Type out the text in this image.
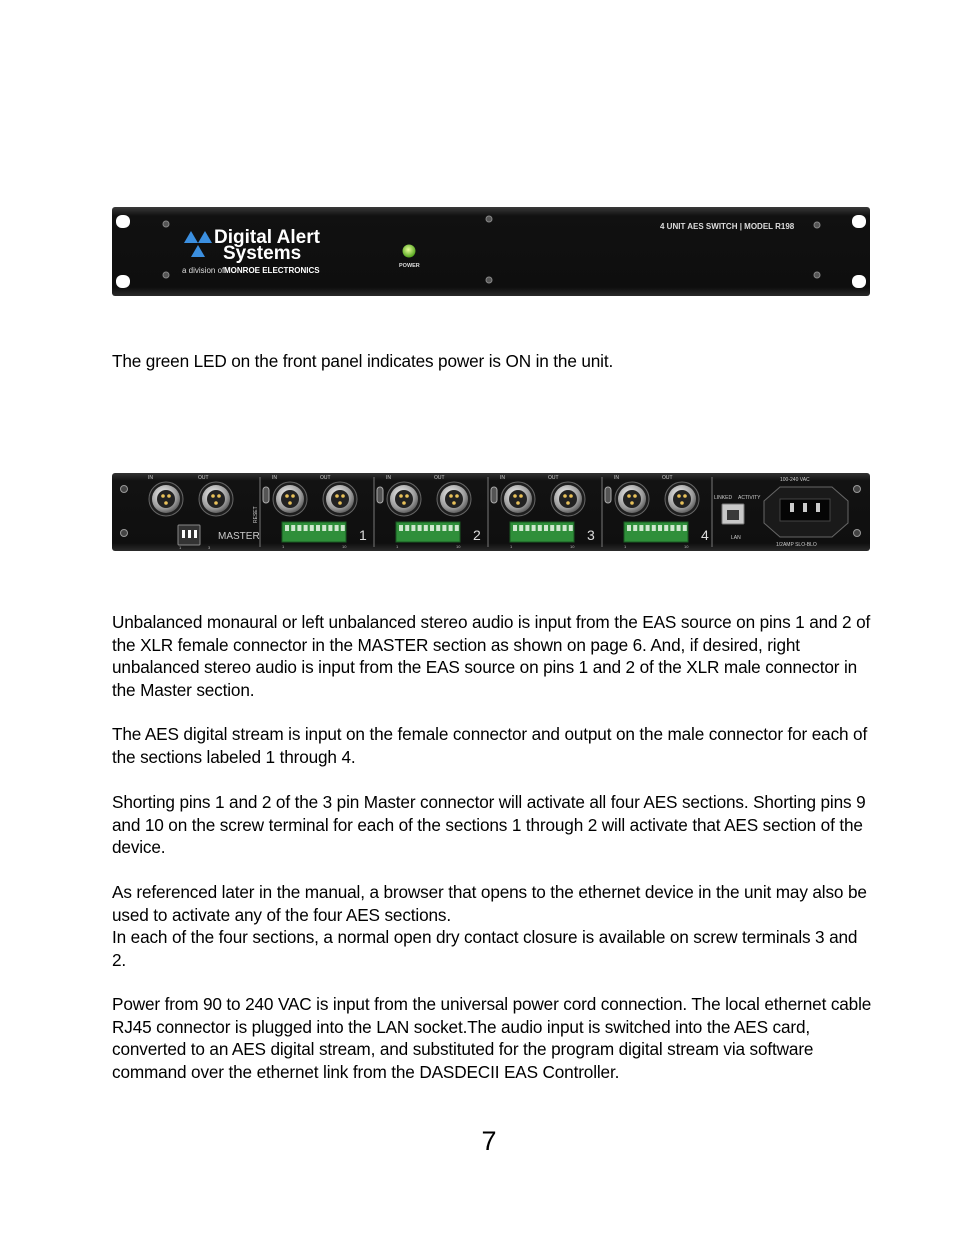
Digital Alert
Systems
a division of MONROE ELECTRONICS	POWER
4 UNIT AES SWITCH | MODEL R198

The green LED on the front panel indicates power is ON in the unit.

IN	OUT	IN	OUT
1	10
1
IN	OUT
1	10
2
IN	OUT
1	10
3
IN	OUT
1	10
4
1	3
MASTER
RESET
LINKED ACTIVITY
LAN
100-240 VAC
1/2AMP SLO-BLO

Unbalanced monaural or left unbalanced stereo audio is input from the EAS source on pins 1 and 2 of the XLR female connector in the MASTER section as shown on page 6. And, if desired, right unbalanced stereo audio is input from the EAS source on pins 1 and 2 of the XLR male connector in the Master section.

The AES digital stream is input on the female connector and output on the male connector for each of the sections labeled 1 through 4.

Shorting pins 1 and 2 of the 3 pin Master connector will activate all four AES sections. Shorting pins 9 and 10 on the screw terminal for each of the sections 1 through 2 will activate that AES section of the device.

As referenced later in the manual, a browser that opens to the ethernet device in the unit may also be used to activate any of the four AES sections.

In each of the four sections, a normal open dry contact closure is available on screw terminals 3 and 2.

Power from 90 to 240 VAC is input from the universal power cord connection. The local ethernet cable RJ45 connector is plugged into the LAN socket.The audio input is switched into the AES card, converted to an AES digital stream, and substituted for the program digital stream via software command over the ethernet link from the DASDECII EAS Controller.

7
